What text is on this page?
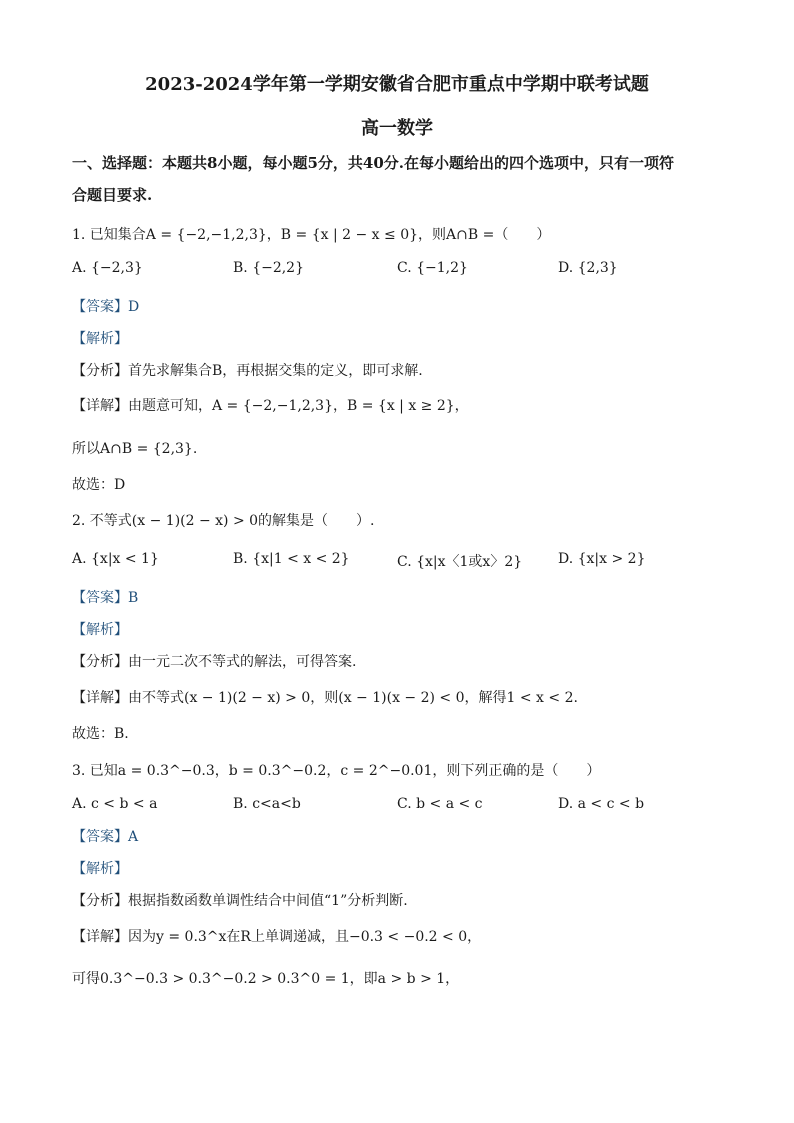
2023-2024学年第一学期安徽省合肥市重点中学期中联考试题
高一数学
一、选择题：本题共8小题，每小题5分，共40分.在每小题给出的四个选项中，只有一项符
合题目要求.
1. 已知集合A = {−2,−1,2,3}，B = {x | 2 − x ≤ 0}，则A∩B =（　　）
A. {−2,3}	B. {−2,2}	C. {−1,2}	D. {2,3}
【答案】D
【解析】
【分析】首先求解集合B，再根据交集的定义，即可求解.
【详解】由题意可知，A = {−2,−1,2,3}，B = {x | x ≥ 2}，
所以A∩B = {2,3}.
故选：D
2. 不等式(x − 1)(2 − x) > 0的解集是（　　）.
A. {x|x < 1}	B. {x|1 < x < 2}	C. {x|x〈1或x〉2}	D. {x|x > 2}
【答案】B
【解析】
【分析】由一元二次不等式的解法，可得答案.
【详解】由不等式(x − 1)(2 − x) > 0，则(x − 1)(x − 2) < 0，解得1 < x < 2.
故选：B.
3. 已知a = 0.3^−0.3，b = 0.3^−0.2，c = 2^−0.01，则下列正确的是（　　）
A. c < b < a	B. c<a<b	C. b < a < c	D. a < c < b
【答案】A
【解析】
【分析】根据指数函数单调性结合中间值“1”分析判断.
【详解】因为y = 0.3^x在R上单调递减，且−0.3 < −0.2 < 0，
可得0.3^−0.3 > 0.3^−0.2 > 0.3^0 = 1，即a > b > 1，
